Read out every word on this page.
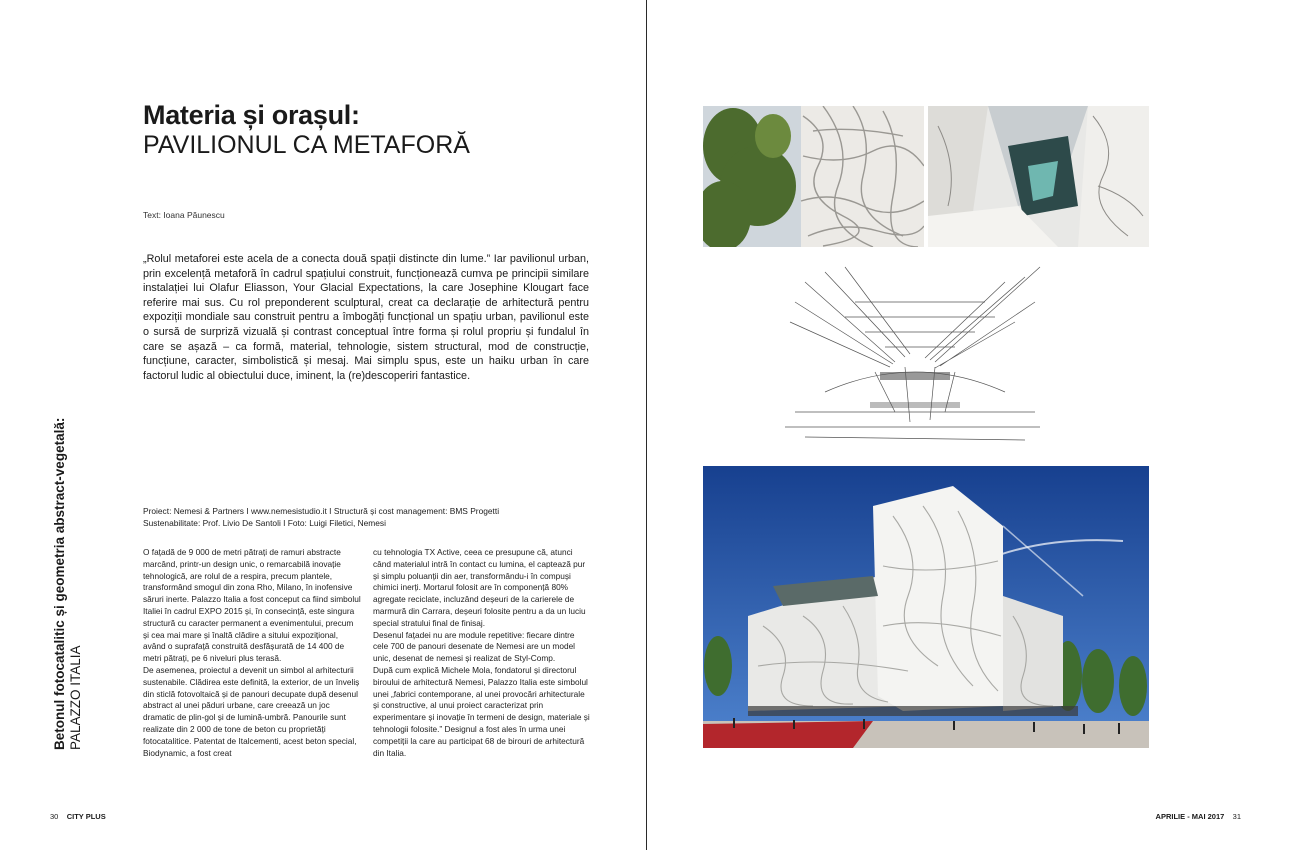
Materia și orașul:
PAVILIONUL CA METAFORĂ
Text: Ioana Păunescu

„Rolul metaforei este acela de a conecta două spații distincte din lume.” Iar pavilionul urban, prin excelență metaforă în cadrul spațiului construit, funcționează cumva pe principii similare instalației lui Olafur Eliasson, Your Glacial Expectations, la care Josephine Klougart face referire mai sus. Cu rol preponderent sculptural, creat ca declarație de arhitectură pentru expoziții mondiale sau construit pentru a îmbogăți funcțional un spațiu urban, pavilionul este o sursă de surpriză vizuală și contrast conceptual între forma și rolul propriu și fundalul în care se așază – ca formă, material, tehnologie, sistem structural, mod de construcție, funcțiune, caracter, simbolistică și mesaj. Mai simplu spus, este un haiku urban în care factorul ludic al obiectului duce, iminent, la (re)descoperiri fantastice.

Betonul fotocatalitic și geometria abstract-vegetală: PALAZZO ITALIA
Proiect: Nemesi & Partners I www.nemesistudio.it I Structură și cost management: BMS Progetti
Sustenabilitate: Prof. Livio De Santoli I Foto: Luigi Filetici, Nemesi

O fațadă de 9 000 de metri pătrați de ramuri abstracte marcând, printr-un design unic, o remarcabilă inovație tehnologică, are rolul de a respira, precum plantele, transformând smogul din zona Rho, Milano, în inofensive săruri inerte. Palazzo Italia a fost conceput ca fiind simbolul Italiei în cadrul EXPO 2015 și, în consecință, este singura structură cu caracter permanent a evenimentului, precum și cea mai mare și înaltă clădire a sitului expozițional, având o suprafață construită desfășurată de 14 400 de metri pătrați, pe 6 niveluri plus terasă.

De asemenea, proiectul a devenit un simbol al arhitecturii sustenabile. Clădirea este definită, la exterior, de un înveliș din sticlă fotovoltaică și de panouri decupate după desenul abstract al unei păduri urbane, care creează un joc dramatic de plin-gol și de lumină-umbră. Panourile sunt realizate din 2 000 de tone de beton cu proprietăți fotocatalitice. Patentat de Italcementi, acest beton special, Biodynamic, a fost creat

cu tehnologia TX Active, ceea ce presupune că, atunci când materialul intră în contact cu lumina, el captează pur și simplu poluanții din aer, transformându-i în compuși chimici inerți. Mortarul folosit are în componență 80% agregate reciclate, incluzând deșeuri de la carierele de marmură din Carrara, deșeuri folosite pentru a da un luciu special stratului final de finisaj.

Desenul fațadei nu are module repetitive: fiecare dintre cele 700 de panouri desenate de Nemesi are un model unic, desenat de nemesi și realizat de Styl-Comp.

După cum explică Michele Mola, fondatorul și directorul biroului de arhitectură Nemesi, Palazzo Italia este simbolul unei „fabrici contemporane, al unei provocări arhitecturale și constructive, al unui proiect caracterizat prin experimentare și inovație în termeni de design, materiale și tehnologii folosite.” Designul a fost ales în urma unei competiții la care au participat 68 de birouri de arhitectură din Italia.

30 CITY PLUS	APRILIE - MAI 2017 31
